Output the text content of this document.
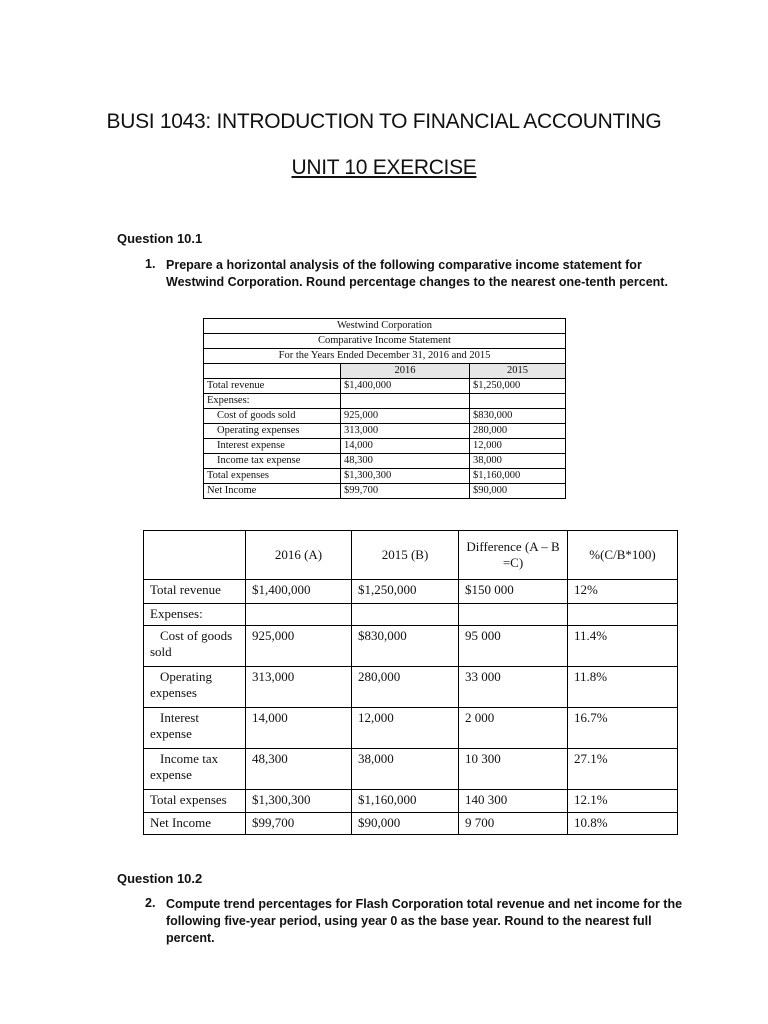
BUSI 1043: INTRODUCTION TO FINANCIAL ACCOUNTING
UNIT 10 EXERCISE
Question 10.1
1. Prepare a horizontal analysis of the following comparative income statement for Westwind Corporation. Round percentage changes to the nearest one-tenth percent.
Westwind Corporation		
Comparative Income Statement		
For the Years Ended December 31, 2016 and 2015		
	2016	2015
Total revenue	$1,400,000	$1,250,000
Expenses:		
Cost of goods sold	925,000	$830,000
Operating expenses	313,000	280,000
Interest expense	14,000	12,000
Income tax expense	48,300	38,000
Total expenses	$1,300,300	$1,160,000
Net Income	$99,700	$90,000
	2016 (A)	2015 (B)	Difference (A – B =C)	%(C/B*100)
Total revenue	$1,400,000	$1,250,000	$150 000	12%
Expenses:				
Cost of goods sold	925,000	$830,000	95 000	11.4%
Operating expenses	313,000	280,000	33 000	11.8%
Interest expense	14,000	12,000	2 000	16.7%
Income tax expense	48,300	38,000	10 300	27.1%
Total expenses	$1,300,300	$1,160,000	140 300	12.1%
Net Income	$99,700	$90,000	9 700	10.8%
Question 10.2
2. Compute trend percentages for Flash Corporation total revenue and net income for the following five-year period, using year 0 as the base year. Round to the nearest full percent.
